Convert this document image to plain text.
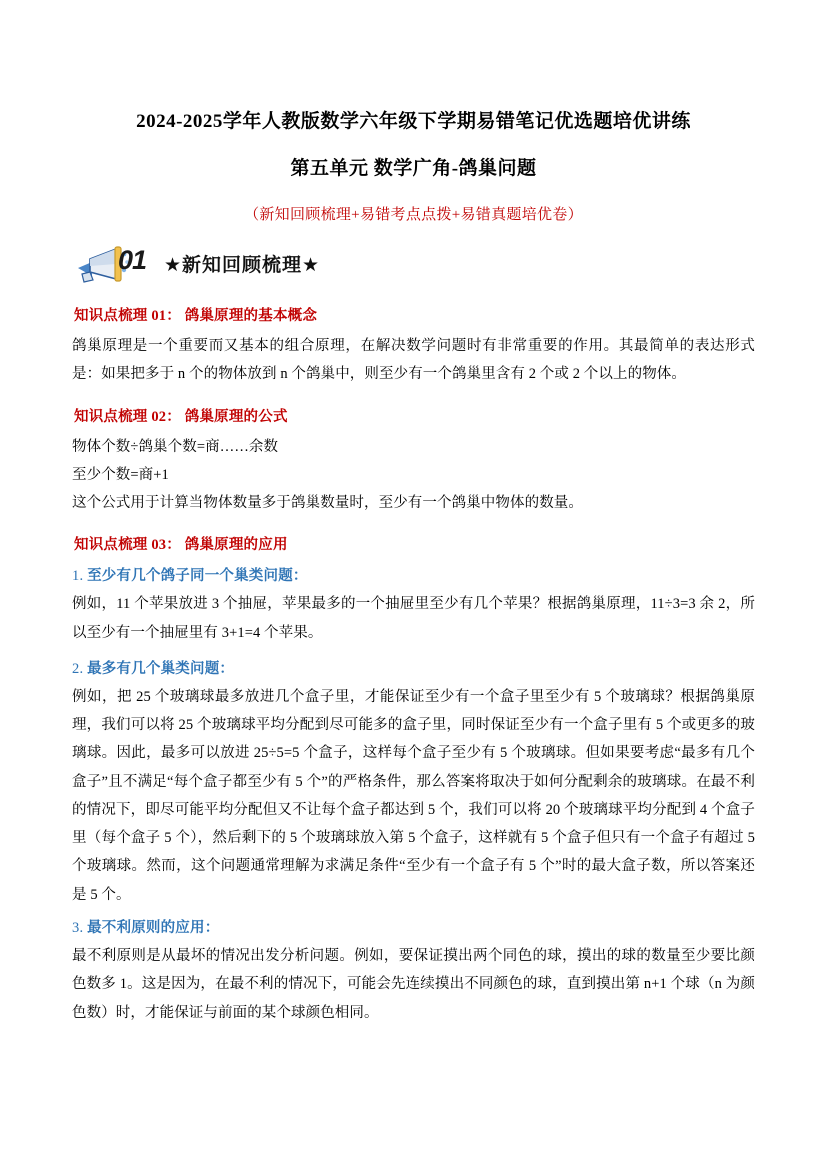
2024-2025学年人教版数学六年级下学期易错笔记优选题培优讲练
第五单元 数学广角-鸽巢问题
（新知回顾梳理+易错考点点拨+易错真题培优卷）
01 ★新知回顾梳理★
知识点梳理 01： 鸽巢原理的基本概念

鸽巢原理是一个重要而又基本的组合原理，在解决数学问题时有非常重要的作用。其最简单的表达形式是：如果把多于 n 个的物体放到 n 个鸽巢中，则至少有一个鸽巢里含有 2 个或 2 个以上的物体。

知识点梳理 02： 鸽巢原理的公式

物体个数÷鸽巢个数=商……余数

至少个数=商+1

这个公式用于计算当物体数量多于鸽巢数量时，至少有一个鸽巢中物体的数量。

知识点梳理 03： 鸽巢原理的应用
1. 至少有几个鸽子同一个巢类问题：

例如，11 个苹果放进 3 个抽屉，苹果最多的一个抽屉里至少有几个苹果？根据鸽巢原理，11÷3=3 余 2，所以至少有一个抽屉里有 3+1=4 个苹果。

2. 最多有几个巢类问题：

例如，把 25 个玻璃球最多放进几个盒子里，才能保证至少有一个盒子里至少有 5 个玻璃球？根据鸽巢原理，我们可以将 25 个玻璃球平均分配到尽可能多的盒子里，同时保证至少有一个盒子里有 5 个或更多的玻璃球。因此，最多可以放进 25÷5=5 个盒子，这样每个盒子至少有 5 个玻璃球。但如果要考虑“最多有几个盒子”且不满足“每个盒子都至少有 5 个”的严格条件，那么答案将取决于如何分配剩余的玻璃球。在最不利的情况下，即尽可能平均分配但又不让每个盒子都达到 5 个，我们可以将 20 个玻璃球平均分配到 4 个盒子里（每个盒子 5 个），然后剩下的 5 个玻璃球放入第 5 个盒子，这样就有 5 个盒子但只有一个盒子有超过 5 个玻璃球。然而，这个问题通常理解为求满足条件“至少有一个盒子有 5 个”时的最大盒子数，所以答案还是 5 个。

3. 最不利原则的应用：

最不利原则是从最坏的情况出发分析问题。例如，要保证摸出两个同色的球，摸出的球的数量至少要比颜色数多 1。这是因为，在最不利的情况下，可能会先连续摸出不同颜色的球，直到摸出第 n+1 个球（n 为颜色数）时，才能保证与前面的某个球颜色相同。
